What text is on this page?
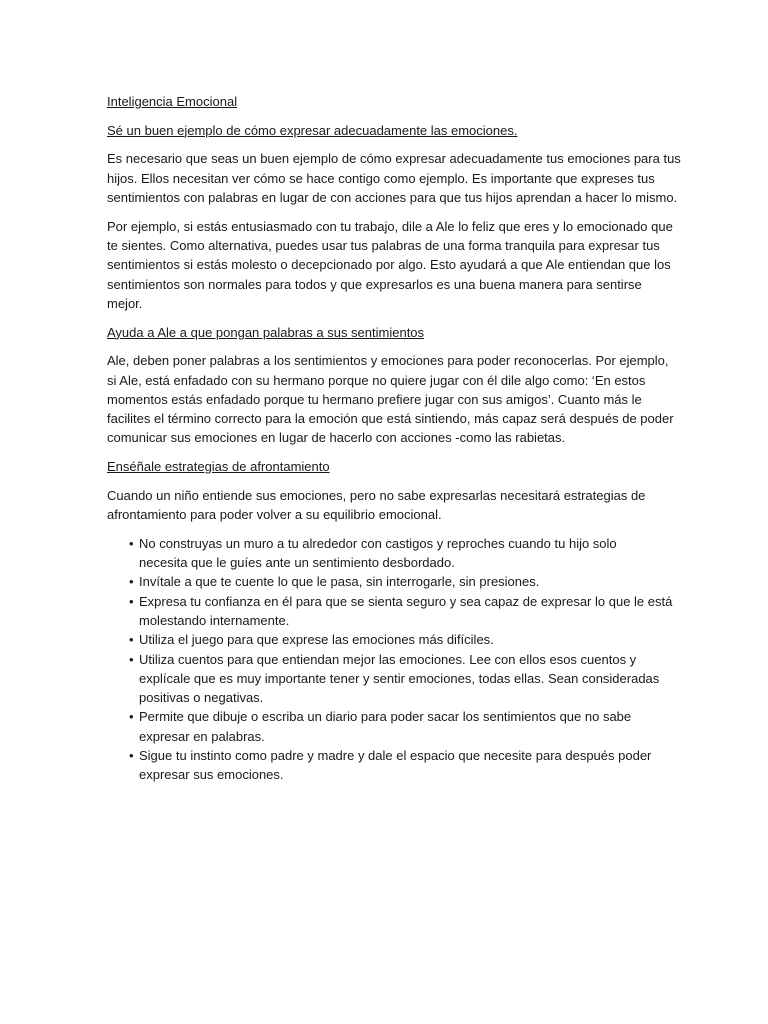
Inteligencia Emocional
Sé un buen ejemplo de cómo expresar adecuadamente las emociones.
Es necesario que seas un buen ejemplo de cómo expresar adecuadamente tus emociones para tus
hijos. Ellos necesitan ver cómo se hace contigo como ejemplo. Es importante que expreses tus
sentimientos con palabras en lugar de con acciones para que tus hijos aprendan a hacer lo mismo.
Por ejemplo, si estás entusiasmado con tu trabajo, dile a Ale lo feliz que eres y lo emocionado que
te sientes. Como alternativa, puedes usar tus palabras de una forma tranquila para expresar tus
sentimientos si estás molesto o decepcionado por algo. Esto ayudará a que Ale entiendan que los
sentimientos son normales para todos y que expresarlos es una buena manera para sentirse
mejor.
Ayuda a Ale a que pongan palabras a sus sentimientos
Ale, deben poner palabras a los sentimientos y emociones para poder reconocerlas. Por ejemplo,
si Ale, está enfadado con su hermano porque no quiere jugar con él dile algo como: ‘En estos
momentos estás enfadado porque tu hermano prefiere jugar con sus amigos’. Cuanto más le
facilites el término correcto para la emoción que está sintiendo, más capaz será después de poder
comunicar sus emociones en lugar de hacerlo con acciones -como las rabietas.
Enséñale estrategias de afrontamiento
Cuando un niño entiende sus emociones, pero no sabe expresarlas necesitará estrategias de
afrontamiento para poder volver a su equilibrio emocional.
• No construyas un muro a tu alrededor con castigos y reproches cuando tu hijo solo
necesita que le guíes ante un sentimiento desbordado.
• Invítale a que te cuente lo que le pasa, sin interrogarle, sin presiones.
• Expresa tu confianza en él para que se sienta seguro y sea capaz de expresar lo que le está
molestando internamente.
• Utiliza el juego para que exprese las emociones más difíciles.
• Utiliza cuentos para que entiendan mejor las emociones. Lee con ellos esos cuentos y
explícale que es muy importante tener y sentir emociones, todas ellas. Sean consideradas
positivas o negativas.
• Permite que dibuje o escriba un diario para poder sacar los sentimientos que no sabe
expresar en palabras.
• Sigue tu instinto como padre y madre y dale el espacio que necesite para después poder
expresar sus emociones.
